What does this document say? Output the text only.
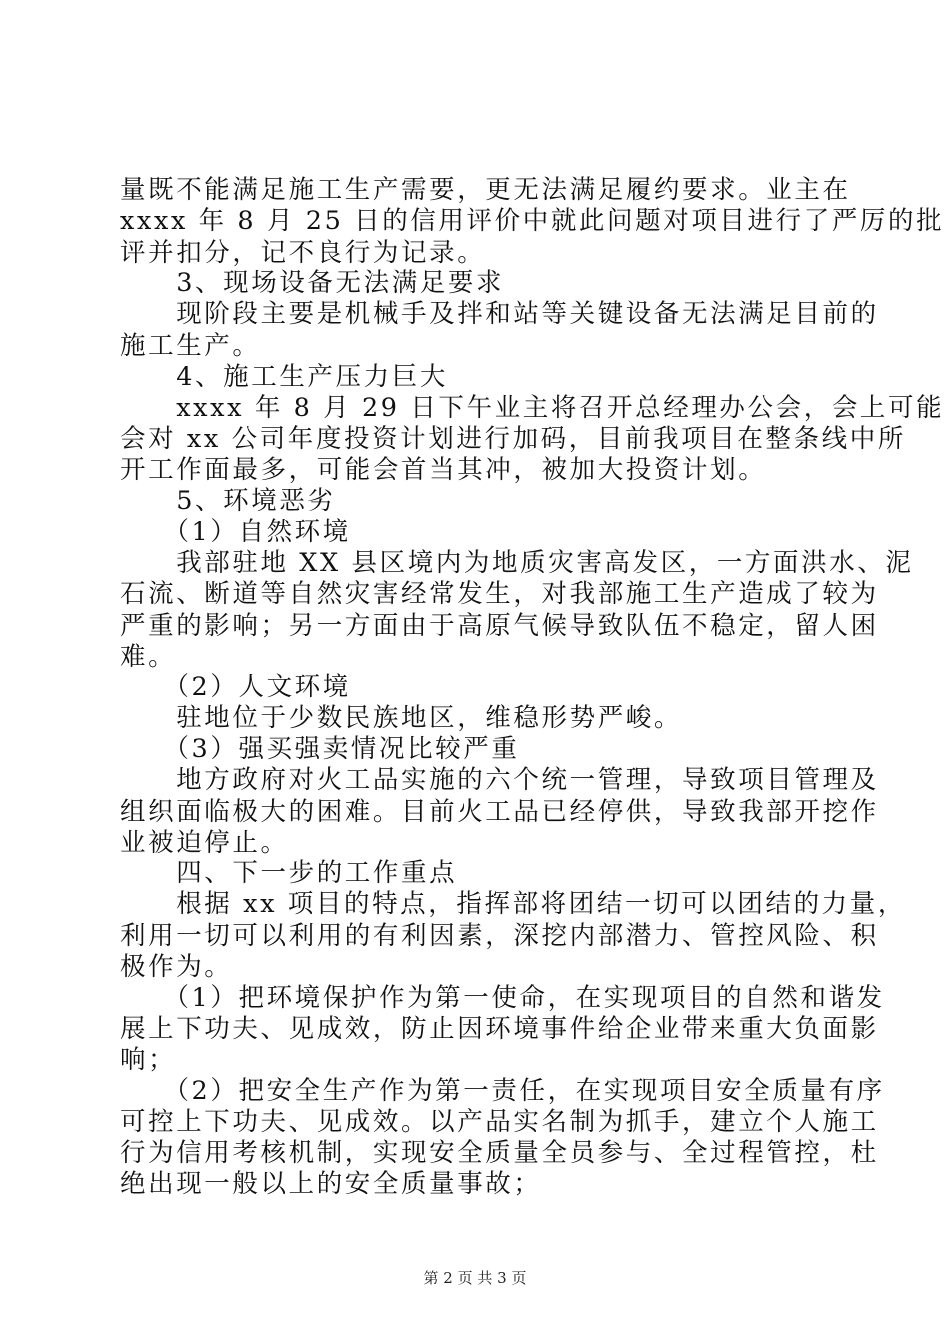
量既不能满足施工生产需要，更无法满足履约要求。业主在
xxxx 年 8 月 25 日的信用评价中就此问题对项目进行了严厉的批
评并扣分，记不良行为记录。
　　3、现场设备无法满足要求
　　现阶段主要是机械手及拌和站等关键设备无法满足目前的
施工生产。
　　4、施工生产压力巨大
　　xxxx 年 8 月 29 日下午业主将召开总经理办公会，会上可能
会对 xx 公司年度投资计划进行加码，目前我项目在整条线中所
开工作面最多，可能会首当其冲，被加大投资计划。
　　5、环境恶劣
　　（1）自然环境
　　我部驻地 XX 县区境内为地质灾害高发区，一方面洪水、泥
石流、断道等自然灾害经常发生，对我部施工生产造成了较为
严重的影响；另一方面由于高原气候导致队伍不稳定，留人困
难。
　　（2）人文环境
　　驻地位于少数民族地区，维稳形势严峻。
　　（3）强买强卖情况比较严重
　　地方政府对火工品实施的六个统一管理，导致项目管理及
组织面临极大的困难。目前火工品已经停供，导致我部开挖作
业被迫停止。
　　四、下一步的工作重点
　　根据 xx 项目的特点，指挥部将团结一切可以团结的力量，
利用一切可以利用的有利因素，深挖内部潜力、管控风险、积
极作为。
　　（1）把环境保护作为第一使命，在实现项目的自然和谐发
展上下功夫、见成效，防止因环境事件给企业带来重大负面影
响；
　　（2）把安全生产作为第一责任，在实现项目安全质量有序
可控上下功夫、见成效。以产品实名制为抓手，建立个人施工
行为信用考核机制，实现安全质量全员参与、全过程管控，杜
绝出现一般以上的安全质量事故；
第 2 页 共 3 页
